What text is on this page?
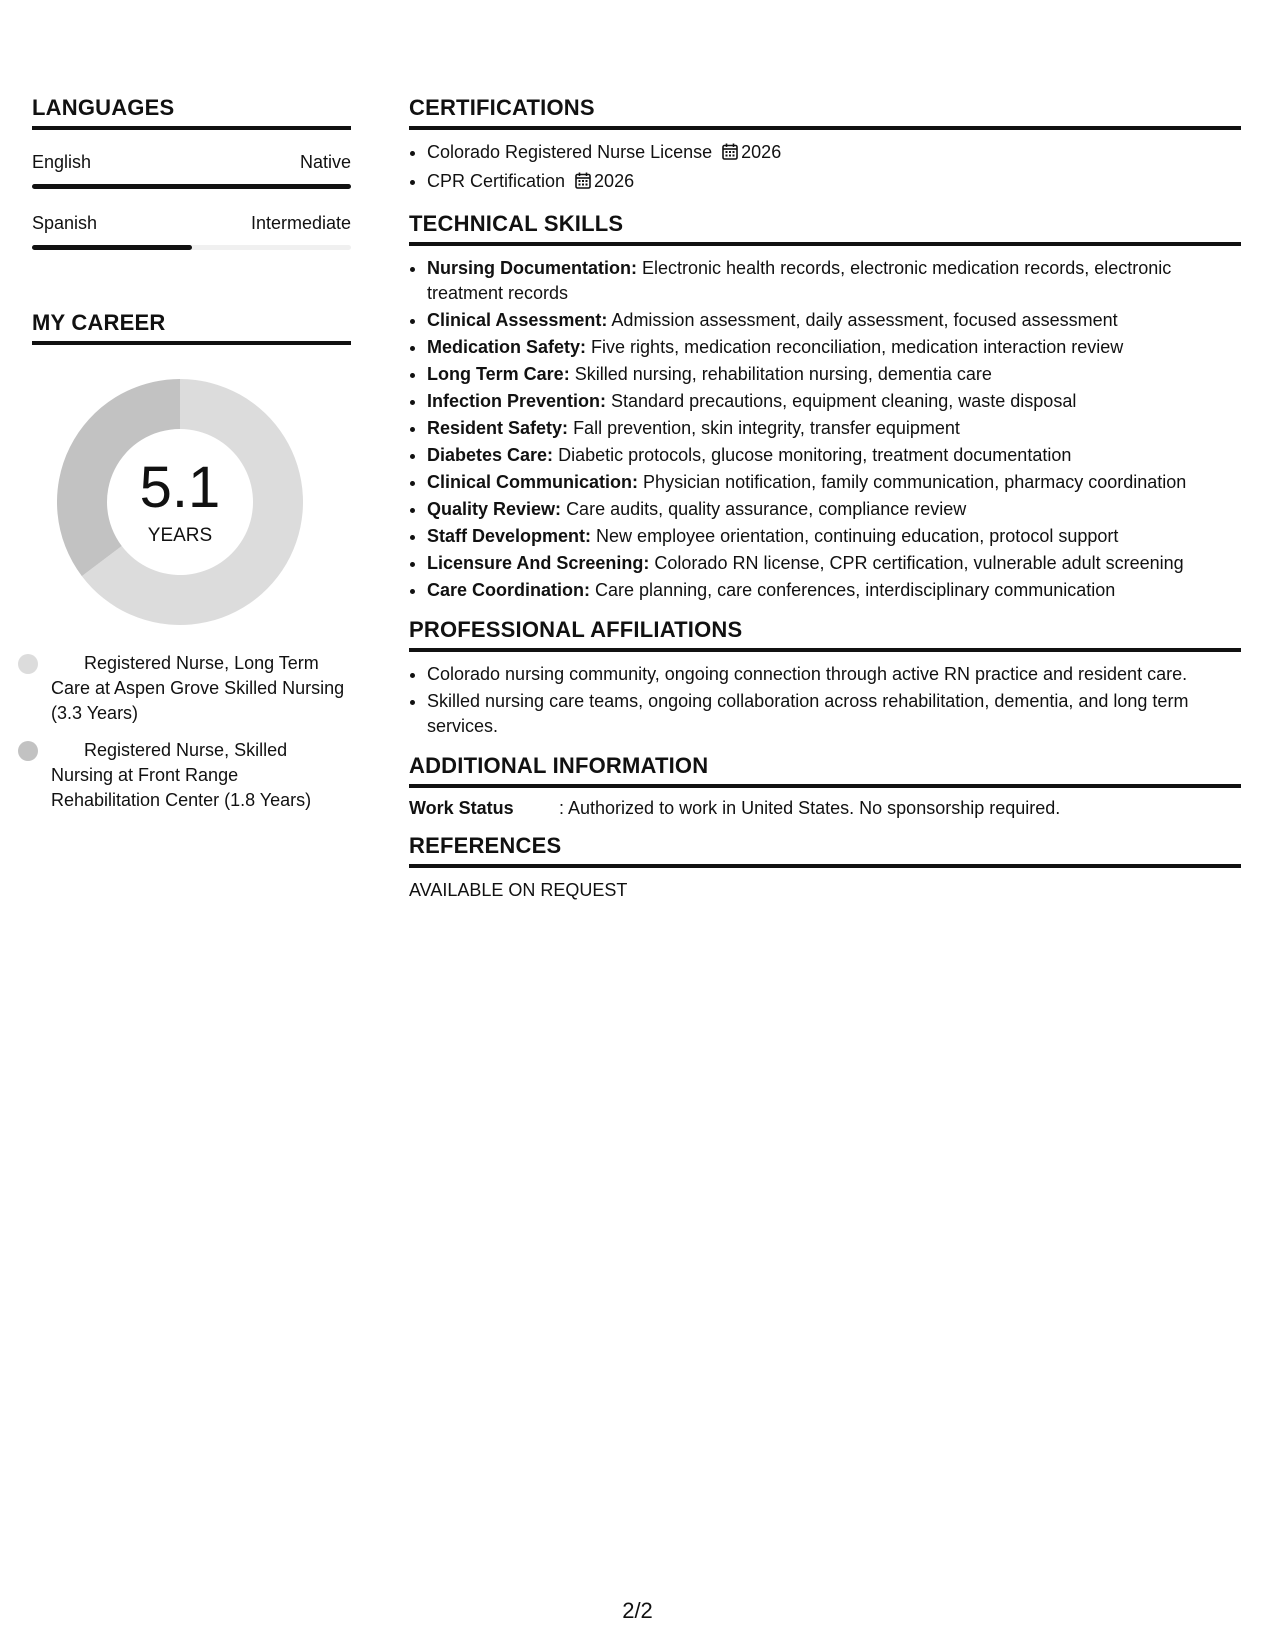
LANGUAGES
English	Native
Spanish	Intermediate
MY CAREER
5.1
YEARS
Registered Nurse, Long Term Care at Aspen Grove Skilled Nursing (3.3 Years)
Registered Nurse, Skilled Nursing at Front Range Rehabilitation Center (1.8 Years)
CERTIFICATIONS
• Colorado Registered Nurse License 2026
• CPR Certification 2026
TECHNICAL SKILLS
• Nursing Documentation: Electronic health records, electronic medication records, electronic treatment records
• Clinical Assessment: Admission assessment, daily assessment, focused assessment
• Medication Safety: Five rights, medication reconciliation, medication interaction review
• Long Term Care: Skilled nursing, rehabilitation nursing, dementia care
• Infection Prevention: Standard precautions, equipment cleaning, waste disposal
• Resident Safety: Fall prevention, skin integrity, transfer equipment
• Diabetes Care: Diabetic protocols, glucose monitoring, treatment documentation
• Clinical Communication: Physician notification, family communication, pharmacy coordination
• Quality Review: Care audits, quality assurance, compliance review
• Staff Development: New employee orientation, continuing education, protocol support
• Licensure And Screening: Colorado RN license, CPR certification, vulnerable adult screening
• Care Coordination: Care planning, care conferences, interdisciplinary communication
PROFESSIONAL AFFILIATIONS
• Colorado nursing community, ongoing connection through active RN practice and resident care.
• Skilled nursing care teams, ongoing collaboration across rehabilitation, dementia, and long term services.
ADDITIONAL INFORMATION
Work Status	: Authorized to work in United States. No sponsorship required.
REFERENCES
AVAILABLE ON REQUEST
2/2
